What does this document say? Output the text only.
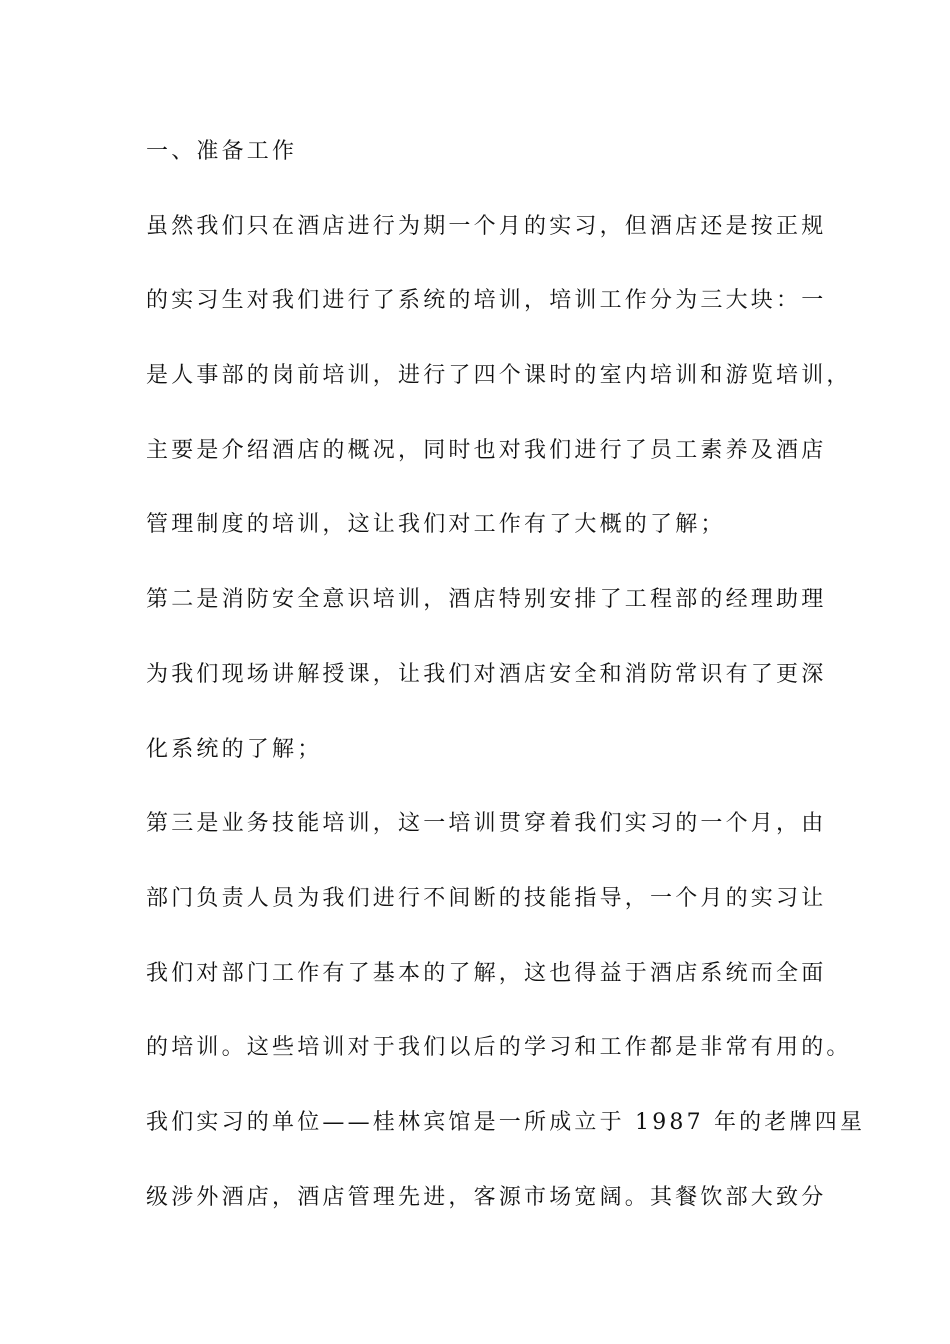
一、准备工作
虽然我们只在酒店进行为期一个月的实习，但酒店还是按正规
的实习生对我们进行了系统的培训，培训工作分为三大块：一
是人事部的岗前培训，进行了四个课时的室内培训和游览培训，
主要是介绍酒店的概况，同时也对我们进行了员工素养及酒店
管理制度的培训，这让我们对工作有了大概的了解；
第二是消防安全意识培训，酒店特别安排了工程部的经理助理
为我们现场讲解授课，让我们对酒店安全和消防常识有了更深
化系统的了解；
第三是业务技能培训，这一培训贯穿着我们实习的一个月，由
部门负责人员为我们进行不间断的技能指导，一个月的实习让
我们对部门工作有了基本的了解，这也得益于酒店系统而全面
的培训。这些培训对于我们以后的学习和工作都是非常有用的。
我们实习的单位——桂林宾馆是一所成立于 1987 年的老牌四星
级涉外酒店，酒店管理先进，客源市场宽阔。其餐饮部大致分
